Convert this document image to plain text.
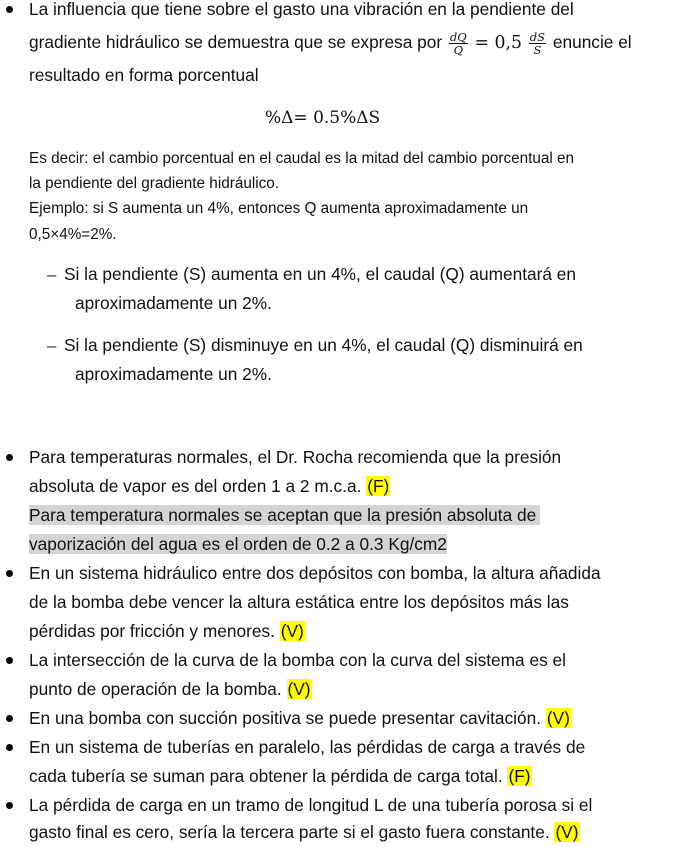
La influencia que tiene sobre el gasto una vibración en la pendiente del
gradiente hidráulico se demuestra que se expresa por $\frac{dQ}{Q} = 0,5 \frac{dS}{S}$ enuncie el
resultado en forma porcentual
%Δ= 0.5%ΔS
Es decir: el cambio porcentual en el caudal es la mitad del cambio porcentual en
la pendiente del gradiente hidráulico.
Ejemplo: si S aumenta un 4%, entonces Q aumenta aproximadamente un
0,5×4%=2%.
– Si la pendiente (S) aumenta en un 4%, el caudal (Q) aumentará en
aproximadamente un 2%.
– Si la pendiente (S) disminuye en un 4%, el caudal (Q) disminuirá en
aproximadamente un 2%.
Para temperaturas normales, el Dr. Rocha recomienda que la presión
absoluta de vapor es del orden 1 a 2 m.c.a. (F)
Para temperatura normales se aceptan que la presión absoluta de
vaporización del agua es el orden de 0.2 a 0.3 Kg/cm2
En un sistema hidráulico entre dos depósitos con bomba, la altura añadida
de la bomba debe vencer la altura estática entre los depósitos más las
pérdidas por fricción y menores. (V)
La intersección de la curva de la bomba con la curva del sistema es el
punto de operación de la bomba. (V)
En una bomba con succión positiva se puede presentar cavitación. (V)
En un sistema de tuberías en paralelo, las pérdidas de carga a través de
cada tubería se suman para obtener la pérdida de carga total. (F)
La pérdida de carga en un tramo de longitud L de una tubería porosa si el
gasto final es cero, sería la tercera parte si el gasto fuera constante. (V)
